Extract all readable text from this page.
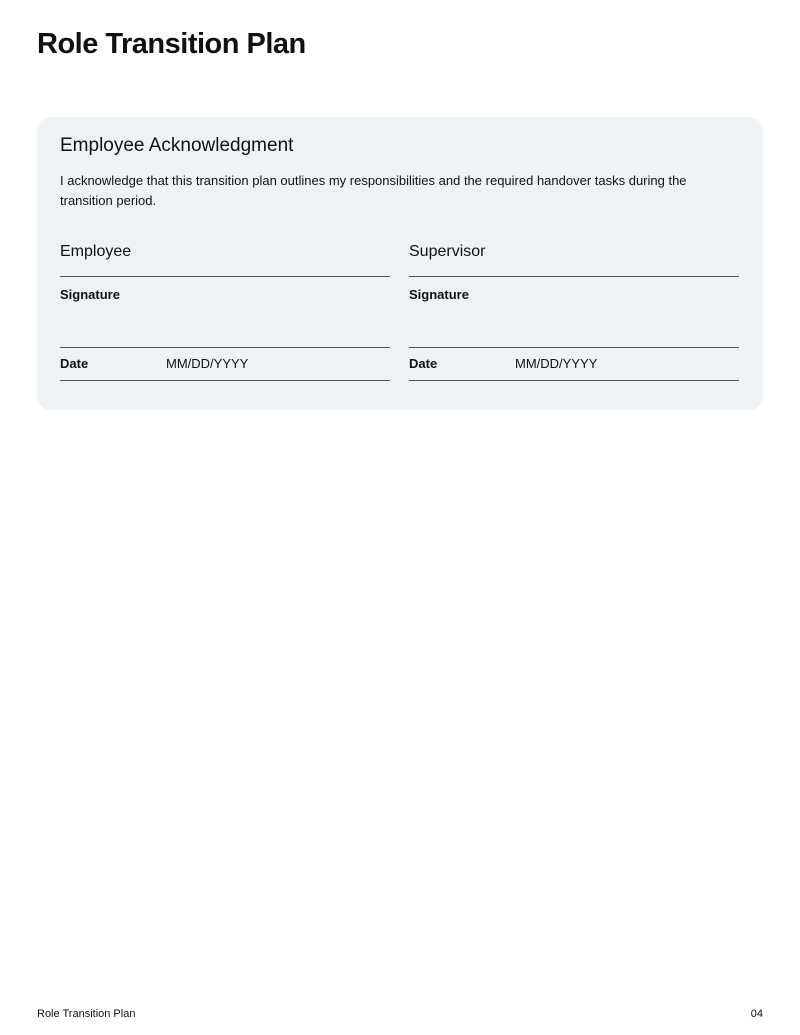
Role Transition Plan
Employee Acknowledgment
I acknowledge that this transition plan outlines my responsibilities and the required handover tasks during the transition period.
Employee
Signature
Date	MM/DD/YYYY
Supervisor
Signature
Date	MM/DD/YYYY
Role Transition Plan	04
